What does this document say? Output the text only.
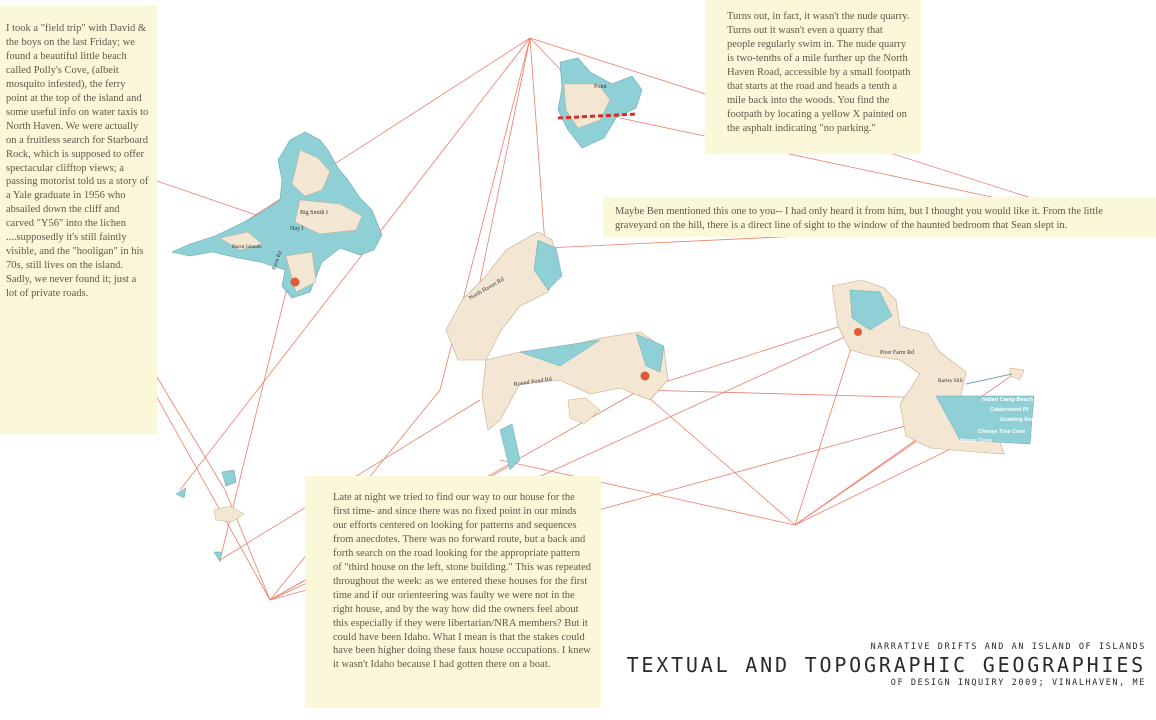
Big Smith I
Hay I
Burnt Islands
Farm Rd
Point
North Haven Rd
Round Pond Rd
Poor Farm Rd
Barley Hill
Indian Camp Beach
Calderwood Pt
Gunning Rock
Cheeys Tree Cove
House Cove

I took a "field trip" with David & the boys on the last Friday; we found a beautiful little beach called Polly's Cove, (albeit mosquito infested), the ferry point at the top of the island and some useful info on water taxis to North Haven. We were actually on a fruitless search for Starboard Rock, which is supposed to offer spectacular clifftop views; a passing motorist told us a story of a Yale graduate in 1956 who absailed down the cliff and carved "Y56" into the lichen ....supposedly it's still faintly visible, and the "hooligan" in his 70s, still lives on the island. Sadly, we never found it; just a lot of private roads.

Turns out, in fact, it wasn't the nude quarry. Turns out it wasn't even a quarry that people regularly swim in. The nude quarry is two-tenths of a mile further up the North Haven Road, accessible by a small footpath that starts at the road and heads a tenth a mile back into the woods. You find the footpath by locating a yellow X painted on the asphalt indicating "no parking."

Maybe Ben mentioned this one to you-- I had only heard it from him, but I thought you would like it. From the little graveyard on the hill, there is a direct line of sight to the window of the haunted bedroom that Sean slept in.

Late at night we tried to find our way to our house for the first time- and since there was no fixed point in our minds our efforts centered on looking for patterns and sequences from anecdotes. There was no forward route, but a back and forth search on the road looking for the appropriate pattern of "third house on the left, stone building." This was repeated throughout the week: as we entered these houses for the first time and if our orienteering was faulty we were not in the right house, and by the way how did the owners feel about this especially if they were libertarian/NRA members? But it could have been Idaho. What I mean is that the stakes could have been higher doing these faux house occupations. I knew it wasn't Idaho because I had gotten there on a boat.

NARRATIVE DRIFTS AND AN ISLAND OF ISLANDS
TEXTUAL AND TOPOGRAPHIC GEOGRAPHIES
OF DESIGN INQUIRY 2009; VINALHAVEN, ME
